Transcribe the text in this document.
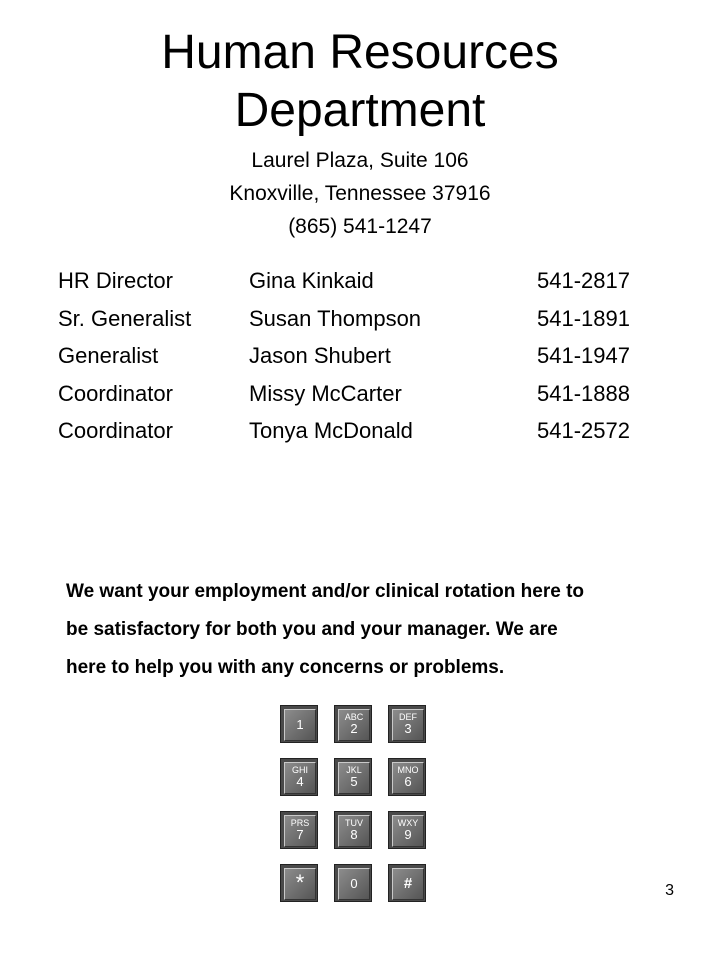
Human Resources
Department
Laurel Plaza, Suite 106
Knoxville, Tennessee 37916
(865) 541-1247
HR Director	Gina Kinkaid	541-2817
Sr. Generalist	Susan Thompson	541-1891
Generalist	Jason Shubert	541-1947
Coordinator	Missy McCarter	541-1888
Coordinator	Tonya McDonald	541-2572
We want your employment and/or clinical rotation here to
be satisfactory for both you and your manager. We are
here to help you with any concerns or problems.
1	ABC
2
DEF
3
GHI
4
JKL
5
MNO
6
PRS
7
TUV
8
WXY
9
*	0	#	3
